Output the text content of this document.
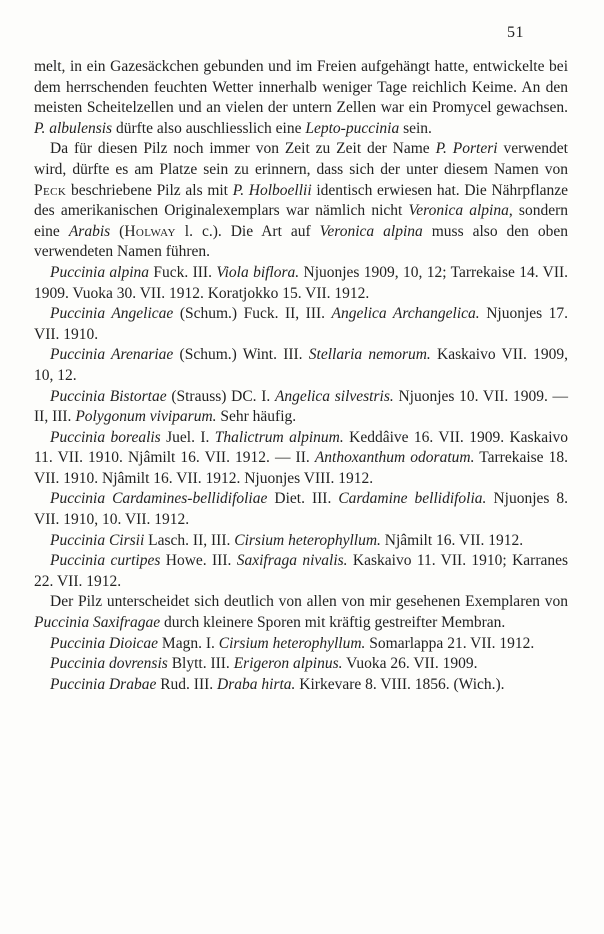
51

melt, in ein Gazesäckchen gebunden und im Freien aufgehängt hatte, entwickelte bei dem herrschenden feuchten Wetter innerhalb weniger Tage reichlich Keime. An den meisten Scheitelzellen und an vielen der untern Zellen war ein Promycel gewachsen. P. albulensis dürfte also auschliesslich eine Lepto-puccinia sein.

Da für diesen Pilz noch immer von Zeit zu Zeit der Name P. Porteri verwendet wird, dürfte es am Platze sein zu erinnern, dass sich der unter diesem Namen von Peck beschriebene Pilz als mit P. Holboellii identisch erwiesen hat. Die Nährpflanze des amerikanischen Originalexemplars war nämlich nicht Veronica alpina, sondern eine Arabis (Holway l. c.). Die Art auf Veronica alpina muss also den oben verwendeten Namen führen.

Puccinia alpina Fuck. III. Viola biflora. Njuonjes 1909, 10, 12; Tarrekaise 14. VII. 1909. Vuoka 30. VII. 1912. Koratjokko 15. VII. 1912.

Puccinia Angelicae (Schum.) Fuck. II, III. Angelica Archangelica. Njuonjes 17. VII. 1910.

Puccinia Arenariae (Schum.) Wint. III. Stellaria nemorum. Kaskaivo VII. 1909, 10, 12.

Puccinia Bistortae (Strauss) DC. I. Angelica silvestris. Njuonjes 10. VII. 1909. — II, III. Polygonum viviparum. Sehr häufig.

Puccinia borealis Juel. I. Thalictrum alpinum. Keddâive 16. VII. 1909. Kaskaivo 11. VII. 1910. Njâmilt 16. VII. 1912. — II. Anthoxanthum odoratum. Tarrekaise 18. VII. 1910. Njâmilt 16. VII. 1912. Njuonjes VIII. 1912.

Puccinia Cardamines-bellidifoliae Diet. III. Cardamine bellidifolia. Njuonjes 8. VII. 1910, 10. VII. 1912.

Puccinia Cirsii Lasch. II, III. Cirsium heterophyllum. Njâmilt 16. VII. 1912.

Puccinia curtipes Howe. III. Saxifraga nivalis. Kaskaivo 11. VII. 1910; Karranes 22. VII. 1912.

Der Pilz unterscheidet sich deutlich von allen von mir gesehenen Exemplaren von Puccinia Saxifragae durch kleinere Sporen mit kräftig gestreifter Membran.

Puccinia Dioicae Magn. I. Cirsium heterophyllum. Somarlappa 21. VII. 1912.

Puccinia dovrensis Blytt. III. Erigeron alpinus. Vuoka 26. VII. 1909.

Puccinia Drabae Rud. III. Draba hirta. Kirkevare 8. VIII. 1856. (Wich.).
